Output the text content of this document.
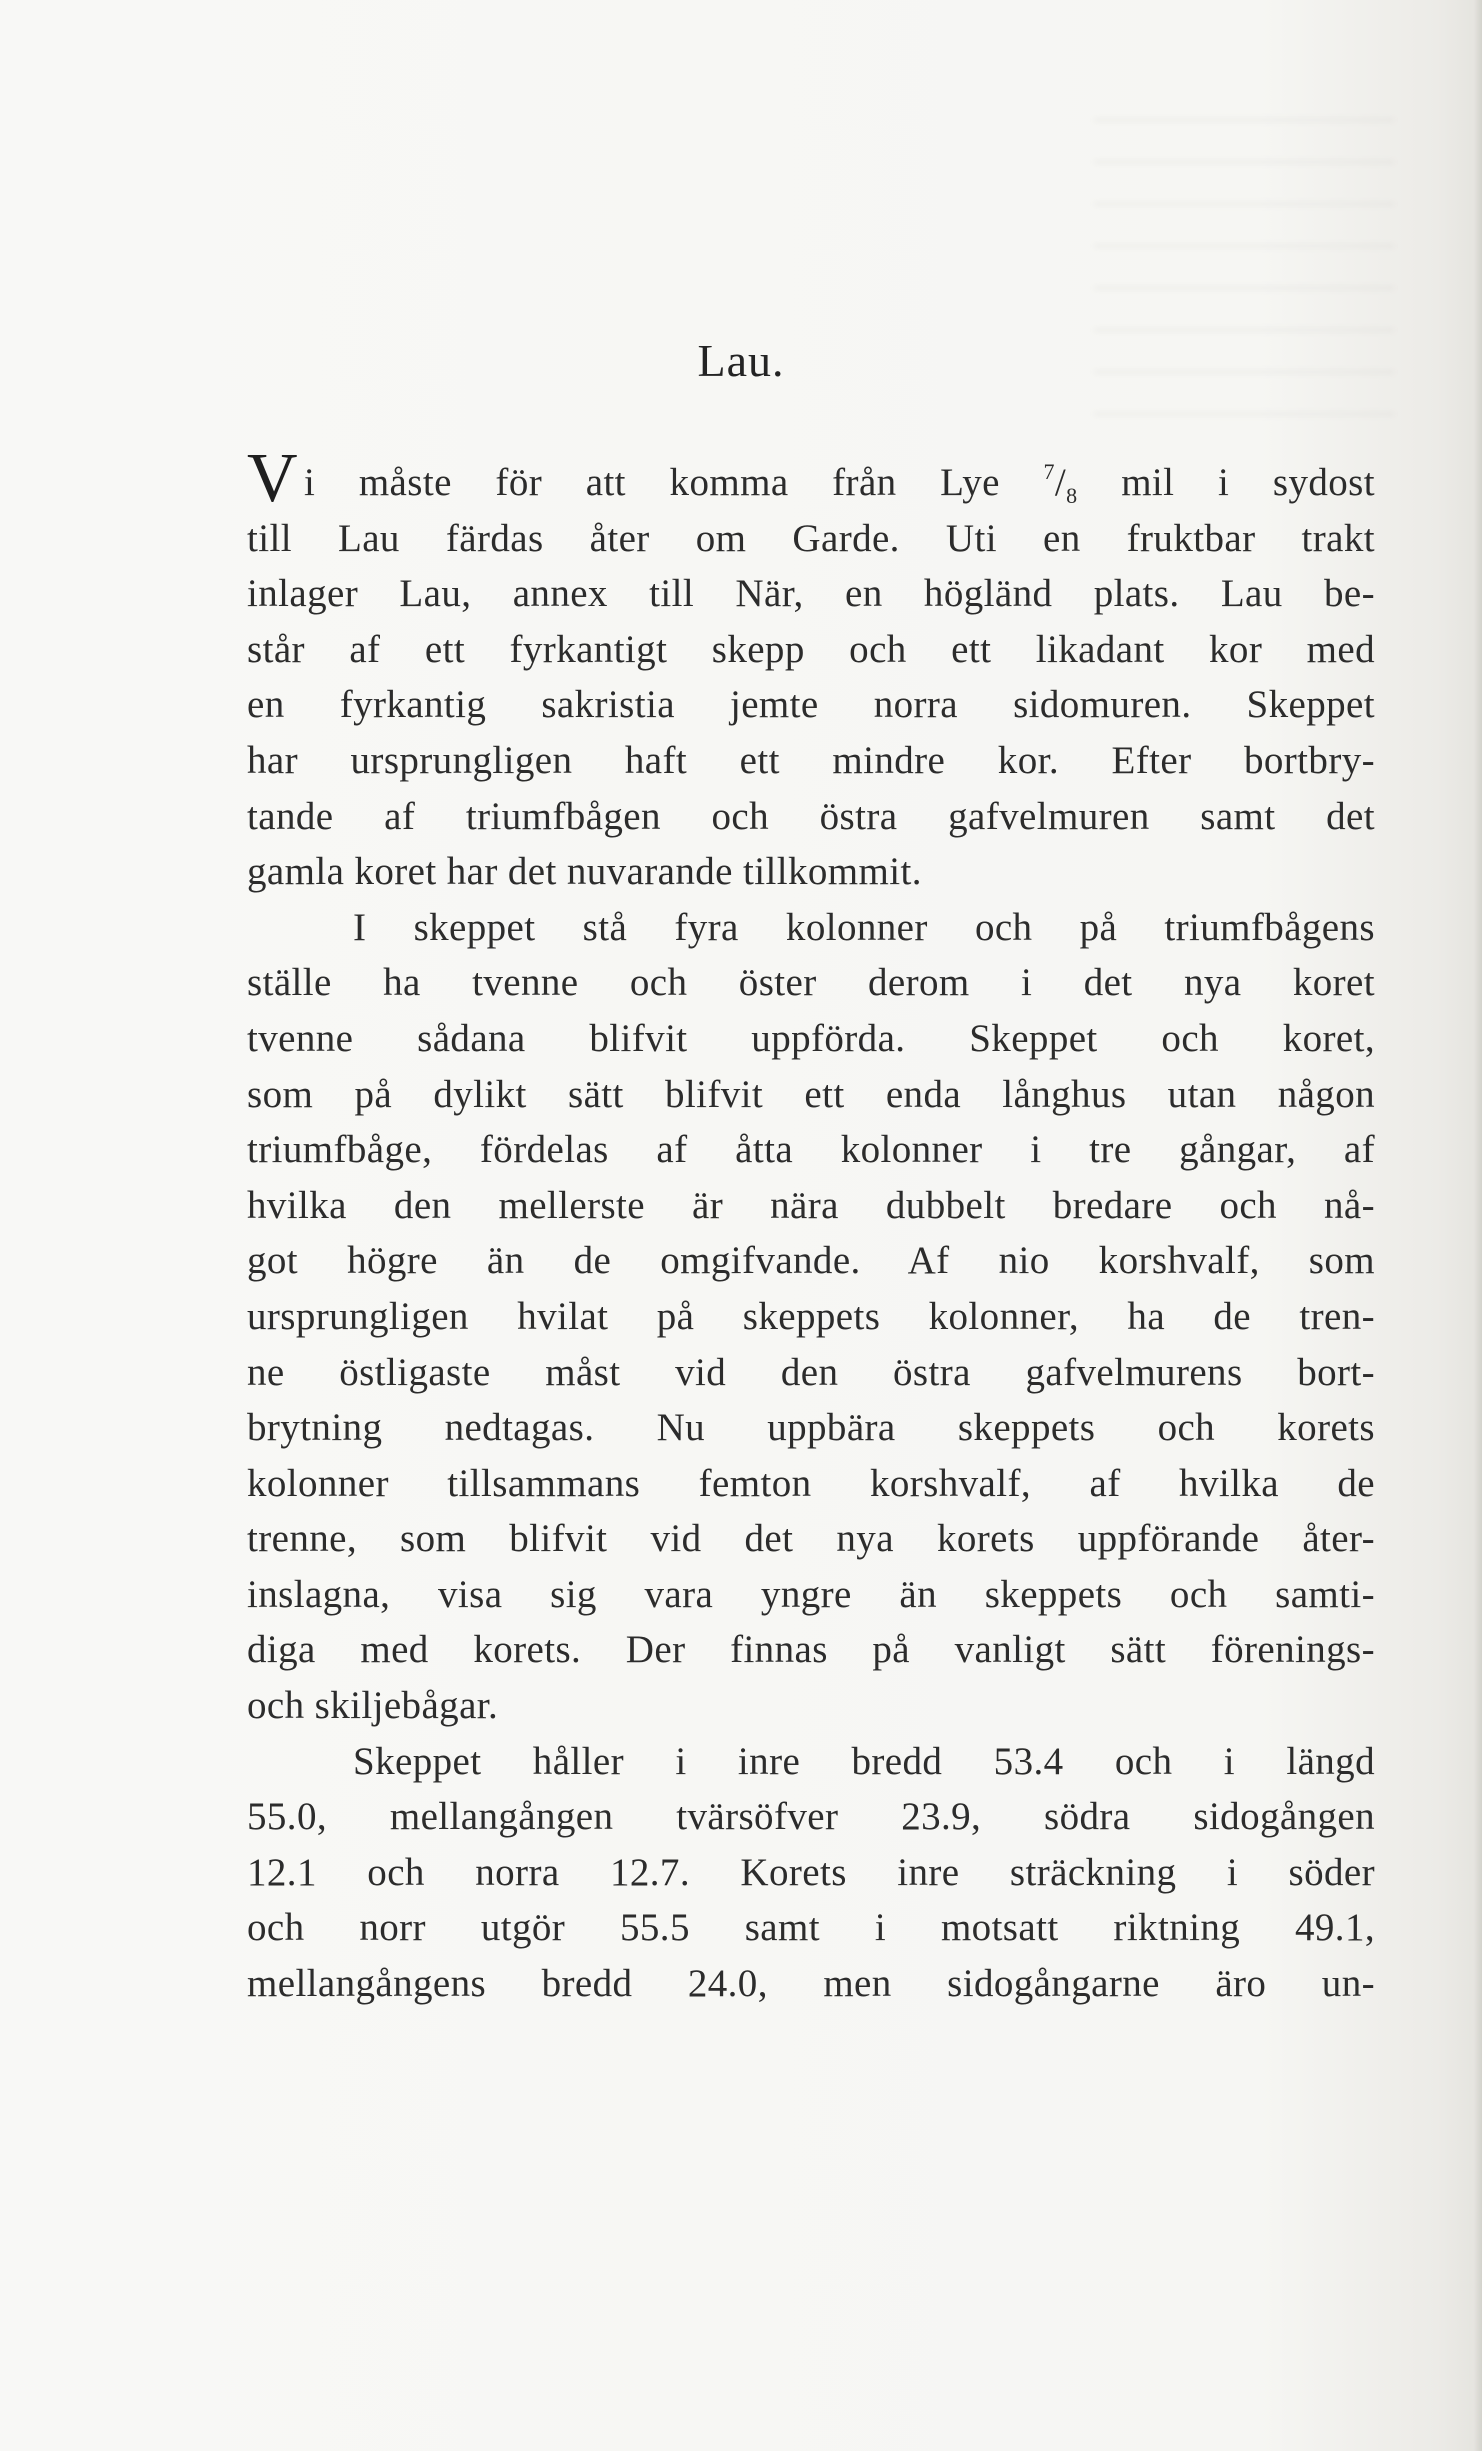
Lau.
Vi måste för att komma från Lye $^7/_8$ mil i sydost
till Lau färdas åter om Garde. Uti en fruktbar trakt
inlager Lau, annex till När, en högländ plats. Lau be-
står af ett fyrkantigt skepp och ett likadant kor med
en fyrkantig sakristia jemte norra sidomuren. Skeppet
har ursprungligen haft ett mindre kor. Efter bortbry-
tande af triumfbågen och östra gafvelmuren samt det
gamla koret har det nuvarande tillkommit.
I skeppet stå fyra kolonner och på triumfbågens
ställe ha tvenne och öster derom i det nya koret
tvenne sådana blifvit uppförda. Skeppet och koret,
som på dylikt sätt blifvit ett enda långhus utan någon
triumfbåge, fördelas af åtta kolonner i tre gångar, af
hvilka den mellerste är nära dubbelt bredare och nå-
got högre än de omgifvande. Af nio korshvalf, som
ursprungligen hvilat på skeppets kolonner, ha de tren-
ne östligaste måst vid den östra gafvelmurens bort-
brytning nedtagas. Nu uppbära skeppets och korets
kolonner tillsammans femton korshvalf, af hvilka de
trenne, som blifvit vid det nya korets uppförande åter-
inslagna, visa sig vara yngre än skeppets och samti-
diga med korets. Der finnas på vanligt sätt förenings-
och skiljebågar.
Skeppet håller i inre bredd 53.4 och i längd
55.0, mellangången tvärsöfver 23.9, södra sidogången
12.1 och norra 12.7. Korets inre sträckning i söder
och norr utgör 55.5 samt i motsatt riktning 49.1,
mellangångens bredd 24.0, men sidogångarne äro un-
